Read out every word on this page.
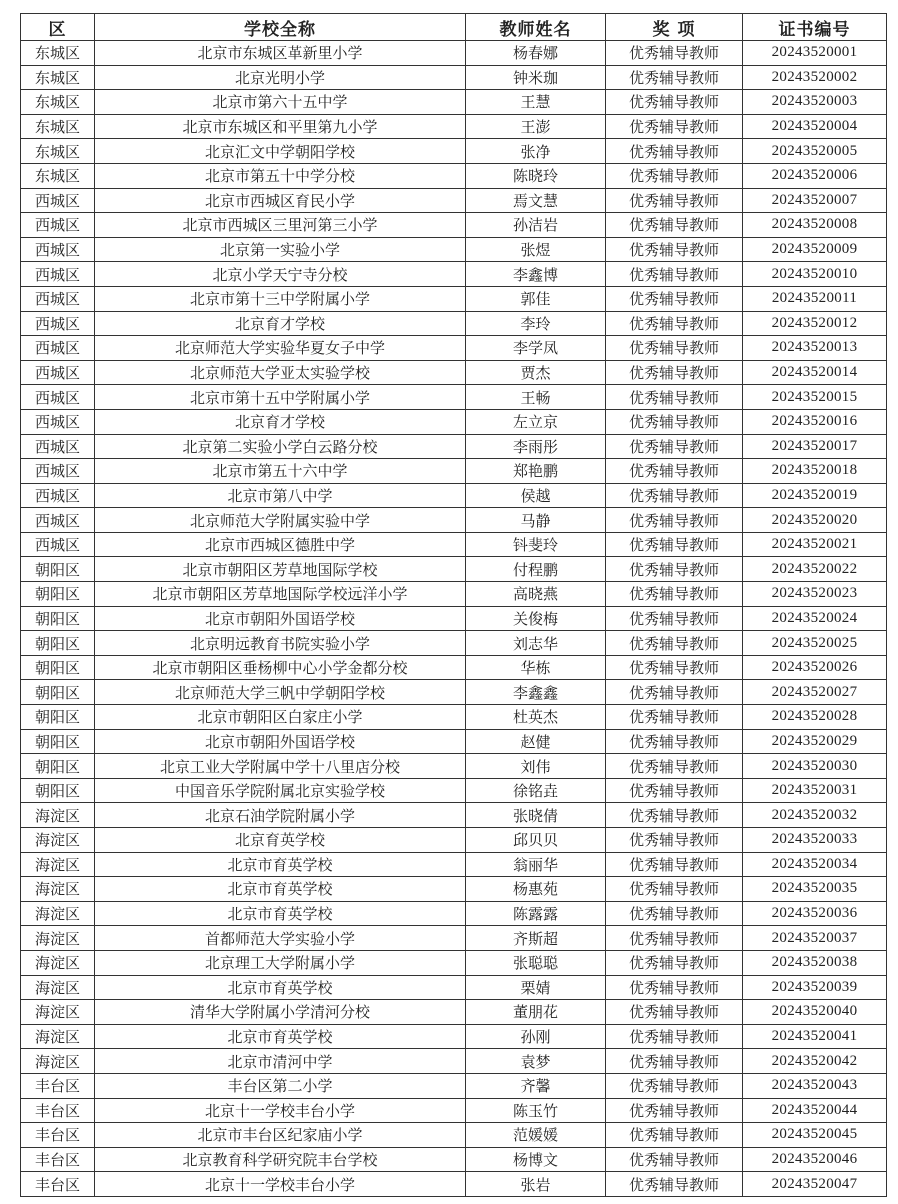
区	学校全称	教师姓名	奖 项	证书编号
东城区	北京市东城区革新里小学	杨春娜	优秀辅导教师	20243520001
东城区	北京光明小学	钟米珈	优秀辅导教师	20243520002
东城区	北京市第六十五中学	王慧	优秀辅导教师	20243520003
东城区	北京市东城区和平里第九小学	王澎	优秀辅导教师	20243520004
东城区	北京汇文中学朝阳学校	张净	优秀辅导教师	20243520005
东城区	北京市第五十中学分校	陈晓玲	优秀辅导教师	20243520006
西城区	北京市西城区育民小学	焉文慧	优秀辅导教师	20243520007
西城区	北京市西城区三里河第三小学	孙洁岩	优秀辅导教师	20243520008
西城区	北京第一实验小学	张煜	优秀辅导教师	20243520009
西城区	北京小学天宁寺分校	李鑫博	优秀辅导教师	20243520010
西城区	北京市第十三中学附属小学	郭佳	优秀辅导教师	20243520011
西城区	北京育才学校	李玲	优秀辅导教师	20243520012
西城区	北京师范大学实验华夏女子中学	李学凤	优秀辅导教师	20243520013
西城区	北京师范大学亚太实验学校	贾杰	优秀辅导教师	20243520014
西城区	北京市第十五中学附属小学	王畅	优秀辅导教师	20243520015
西城区	北京育才学校	左立京	优秀辅导教师	20243520016
西城区	北京第二实验小学白云路分校	李雨彤	优秀辅导教师	20243520017
西城区	北京市第五十六中学	郑艳鹏	优秀辅导教师	20243520018
西城区	北京市第八中学	侯越	优秀辅导教师	20243520019
西城区	北京师范大学附属实验中学	马静	优秀辅导教师	20243520020
西城区	北京市西城区德胜中学	钭斐玲	优秀辅导教师	20243520021
朝阳区	北京市朝阳区芳草地国际学校	付程鹏	优秀辅导教师	20243520022
朝阳区	北京市朝阳区芳草地国际学校远洋小学	高晓燕	优秀辅导教师	20243520023
朝阳区	北京市朝阳外国语学校	关俊梅	优秀辅导教师	20243520024
朝阳区	北京明远教育书院实验小学	刘志华	优秀辅导教师	20243520025
朝阳区	北京市朝阳区垂杨柳中心小学金都分校	华栋	优秀辅导教师	20243520026
朝阳区	北京师范大学三帆中学朝阳学校	李鑫鑫	优秀辅导教师	20243520027
朝阳区	北京市朝阳区白家庄小学	杜英杰	优秀辅导教师	20243520028
朝阳区	北京市朝阳外国语学校	赵健	优秀辅导教师	20243520029
朝阳区	北京工业大学附属中学十八里店分校	刘伟	优秀辅导教师	20243520030
朝阳区	中国音乐学院附属北京实验学校	徐铭垚	优秀辅导教师	20243520031
海淀区	北京石油学院附属小学	张晓倩	优秀辅导教师	20243520032
海淀区	北京育英学校	邱贝贝	优秀辅导教师	20243520033
海淀区	北京市育英学校	翁丽华	优秀辅导教师	20243520034
海淀区	北京市育英学校	杨惠苑	优秀辅导教师	20243520035
海淀区	北京市育英学校	陈露露	优秀辅导教师	20243520036
海淀区	首都师范大学实验小学	齐斯超	优秀辅导教师	20243520037
海淀区	北京理工大学附属小学	张聪聪	优秀辅导教师	20243520038
海淀区	北京市育英学校	栗婧	优秀辅导教师	20243520039
海淀区	清华大学附属小学清河分校	董朋花	优秀辅导教师	20243520040
海淀区	北京市育英学校	孙刚	优秀辅导教师	20243520041
海淀区	北京市清河中学	袁梦	优秀辅导教师	20243520042
丰台区	丰台区第二小学	齐馨	优秀辅导教师	20243520043
丰台区	北京十一学校丰台小学	陈玉竹	优秀辅导教师	20243520044
丰台区	北京市丰台区纪家庙小学	范媛媛	优秀辅导教师	20243520045
丰台区	北京教育科学研究院丰台学校	杨博文	优秀辅导教师	20243520046
丰台区	北京十一学校丰台小学	张岩	优秀辅导教师	20243520047
